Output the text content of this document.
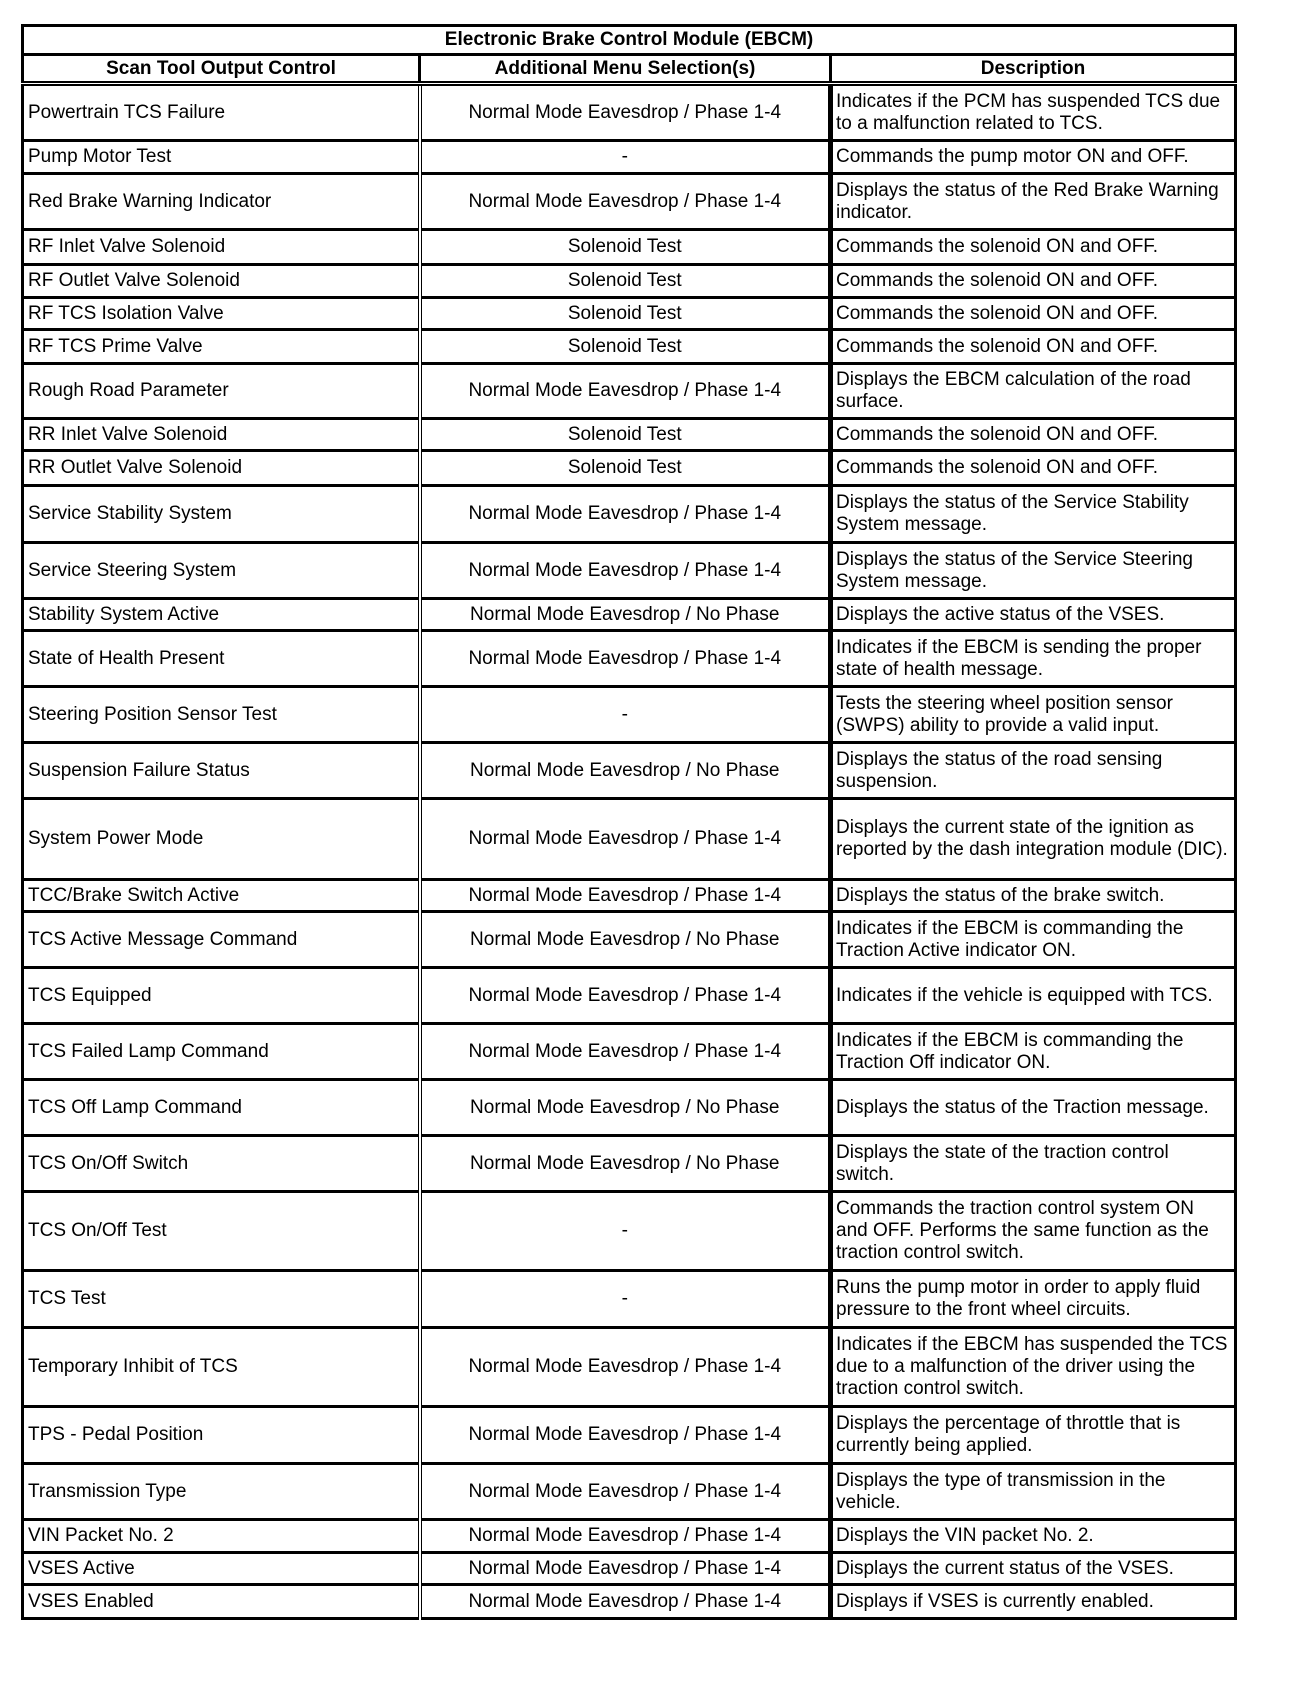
Electronic Brake Control Module (EBCM)		
Scan Tool Output Control	Additional Menu Selection(s)	Description
Powertrain TCS Failure	Normal Mode Eavesdrop / Phase 1-4	Indicates if the PCM has suspended TCS due to a malfunction related to TCS.
Pump Motor Test	-	Commands the pump motor ON and OFF.
Red Brake Warning Indicator	Normal Mode Eavesdrop / Phase 1-4	Displays the status of the Red Brake Warning indicator.
RF Inlet Valve Solenoid	Solenoid Test	Commands the solenoid ON and OFF.
RF Outlet Valve Solenoid	Solenoid Test	Commands the solenoid ON and OFF.
RF TCS Isolation Valve	Solenoid Test	Commands the solenoid ON and OFF.
RF TCS Prime Valve	Solenoid Test	Commands the solenoid ON and OFF.
Rough Road Parameter	Normal Mode Eavesdrop / Phase 1-4	Displays the EBCM calculation of the road surface.
RR Inlet Valve Solenoid	Solenoid Test	Commands the solenoid ON and OFF.
RR Outlet Valve Solenoid	Solenoid Test	Commands the solenoid ON and OFF.
Service Stability System	Normal Mode Eavesdrop / Phase 1-4	Displays the status of the Service Stability System message.
Service Steering System	Normal Mode Eavesdrop / Phase 1-4	Displays the status of the Service Steering System message.
Stability System Active	Normal Mode Eavesdrop / No Phase	Displays the active status of the VSES.
State of Health Present	Normal Mode Eavesdrop / Phase 1-4	Indicates if the EBCM is sending the proper state of health message.
Steering Position Sensor Test	-	Tests the steering wheel position sensor (SWPS) ability to provide a valid input.
Suspension Failure Status	Normal Mode Eavesdrop / No Phase	Displays the status of the road sensing suspension.
System Power Mode	Normal Mode Eavesdrop / Phase 1-4	Displays the current state of the ignition as reported by the dash integration module (DIC).
TCC/Brake Switch Active	Normal Mode Eavesdrop / Phase 1-4	Displays the status of the brake switch.
TCS Active Message Command	Normal Mode Eavesdrop / No Phase	Indicates if the EBCM is commanding the Traction Active indicator ON.
TCS Equipped	Normal Mode Eavesdrop / Phase 1-4	Indicates if the vehicle is equipped with TCS.
TCS Failed Lamp Command	Normal Mode Eavesdrop / Phase 1-4	Indicates if the EBCM is commanding the Traction Off indicator ON.
TCS Off Lamp Command	Normal Mode Eavesdrop / No Phase	Displays the status of the Traction message.
TCS On/Off Switch	Normal Mode Eavesdrop / No Phase	Displays the state of the traction control switch.
TCS On/Off Test	-	Commands the traction control system ON and OFF. Performs the same function as the traction control switch.
TCS Test	-	Runs the pump motor in order to apply fluid pressure to the front wheel circuits.
Temporary Inhibit of TCS	Normal Mode Eavesdrop / Phase 1-4	Indicates if the EBCM has suspended the TCS due to a malfunction of the driver using the traction control switch.
TPS - Pedal Position	Normal Mode Eavesdrop / Phase 1-4	Displays the percentage of throttle that is currently being applied.
Transmission Type	Normal Mode Eavesdrop / Phase 1-4	Displays the type of transmission in the vehicle.
VIN Packet No. 2	Normal Mode Eavesdrop / Phase 1-4	Displays the VIN packet No. 2.
VSES Active	Normal Mode Eavesdrop / Phase 1-4	Displays the current status of the VSES.
VSES Enabled	Normal Mode Eavesdrop / Phase 1-4	Displays if VSES is currently enabled.
